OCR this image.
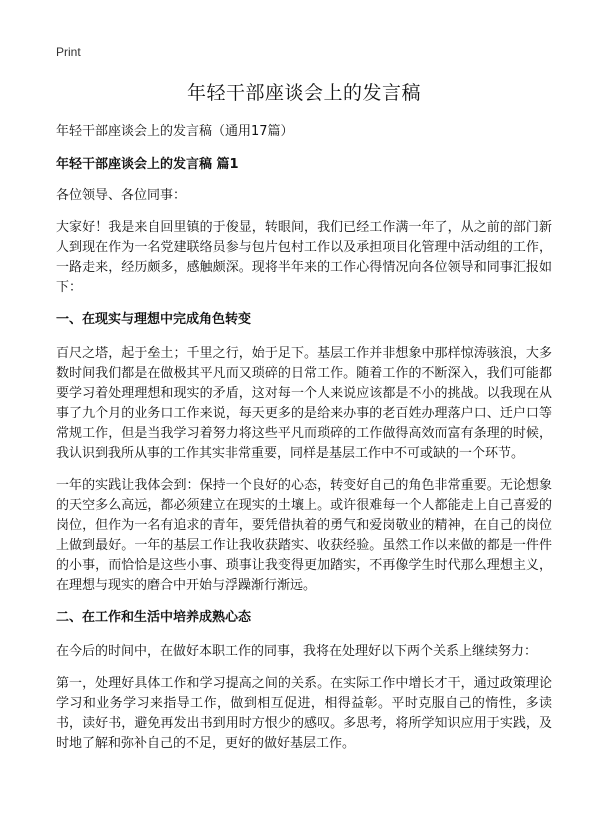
Print
年轻干部座谈会上的发言稿
年轻干部座谈会上的发言稿（通用17篇）
年轻干部座谈会上的发言稿 篇1

各位领导、各位同事：

大家好！我是来自回里镇的于俊显，转眼间，我们已经工作满一年了，从之前的部门新人到现在作为一名党建联络员参与包片包村工作以及承担项目化管理中活动组的工作，一路走来，经历颇多，感触颇深。现将半年来的工作心得情况向各位领导和同事汇报如下：

一、在现实与理想中完成角色转变

百尺之塔，起于垒土；千里之行，始于足下。基层工作并非想象中那样惊涛骇浪，大多数时间我们都是在做极其平凡而又琐碎的日常工作。随着工作的不断深入，我们可能都要学习着处理理想和现实的矛盾，这对每一个人来说应该都是不小的挑战。以我现在从事了九个月的业务口工作来说，每天更多的是给来办事的老百姓办理落户口、迁户口等常规工作，但是当我学习着努力将这些平凡而琐碎的工作做得高效而富有条理的时候，我认识到我所从事的工作其实非常重要，同样是基层工作中不可或缺的一个环节。

一年的实践让我体会到：保持一个良好的心态，转变好自己的角色非常重要。无论想象的天空多么高远，都必须建立在现实的土壤上。或许很难每一个人都能走上自己喜爱的岗位，但作为一名有追求的青年，要凭借执着的勇气和爱岗敬业的精神，在自己的岗位上做到最好。一年的基层工作让我收获踏实、收获经验。虽然工作以来做的都是一件件的小事，而恰恰是这些小事、琐事让我变得更加踏实，不再像学生时代那么理想主义，在理想与现实的磨合中开始与浮躁渐行渐远。

二、在工作和生活中培养成熟心态

在今后的时间中，在做好本职工作的同事，我将在处理好以下两个关系上继续努力：

第一，处理好具体工作和学习提高之间的关系。在实际工作中增长才干，通过政策理论学习和业务学习来指导工作，做到相互促进，相得益彰。平时克服自己的惰性，多读书，读好书，避免再发出书到用时方恨少的感叹。多思考，将所学知识应用于实践，及时地了解和弥补自己的不足，更好的做好基层工作。
